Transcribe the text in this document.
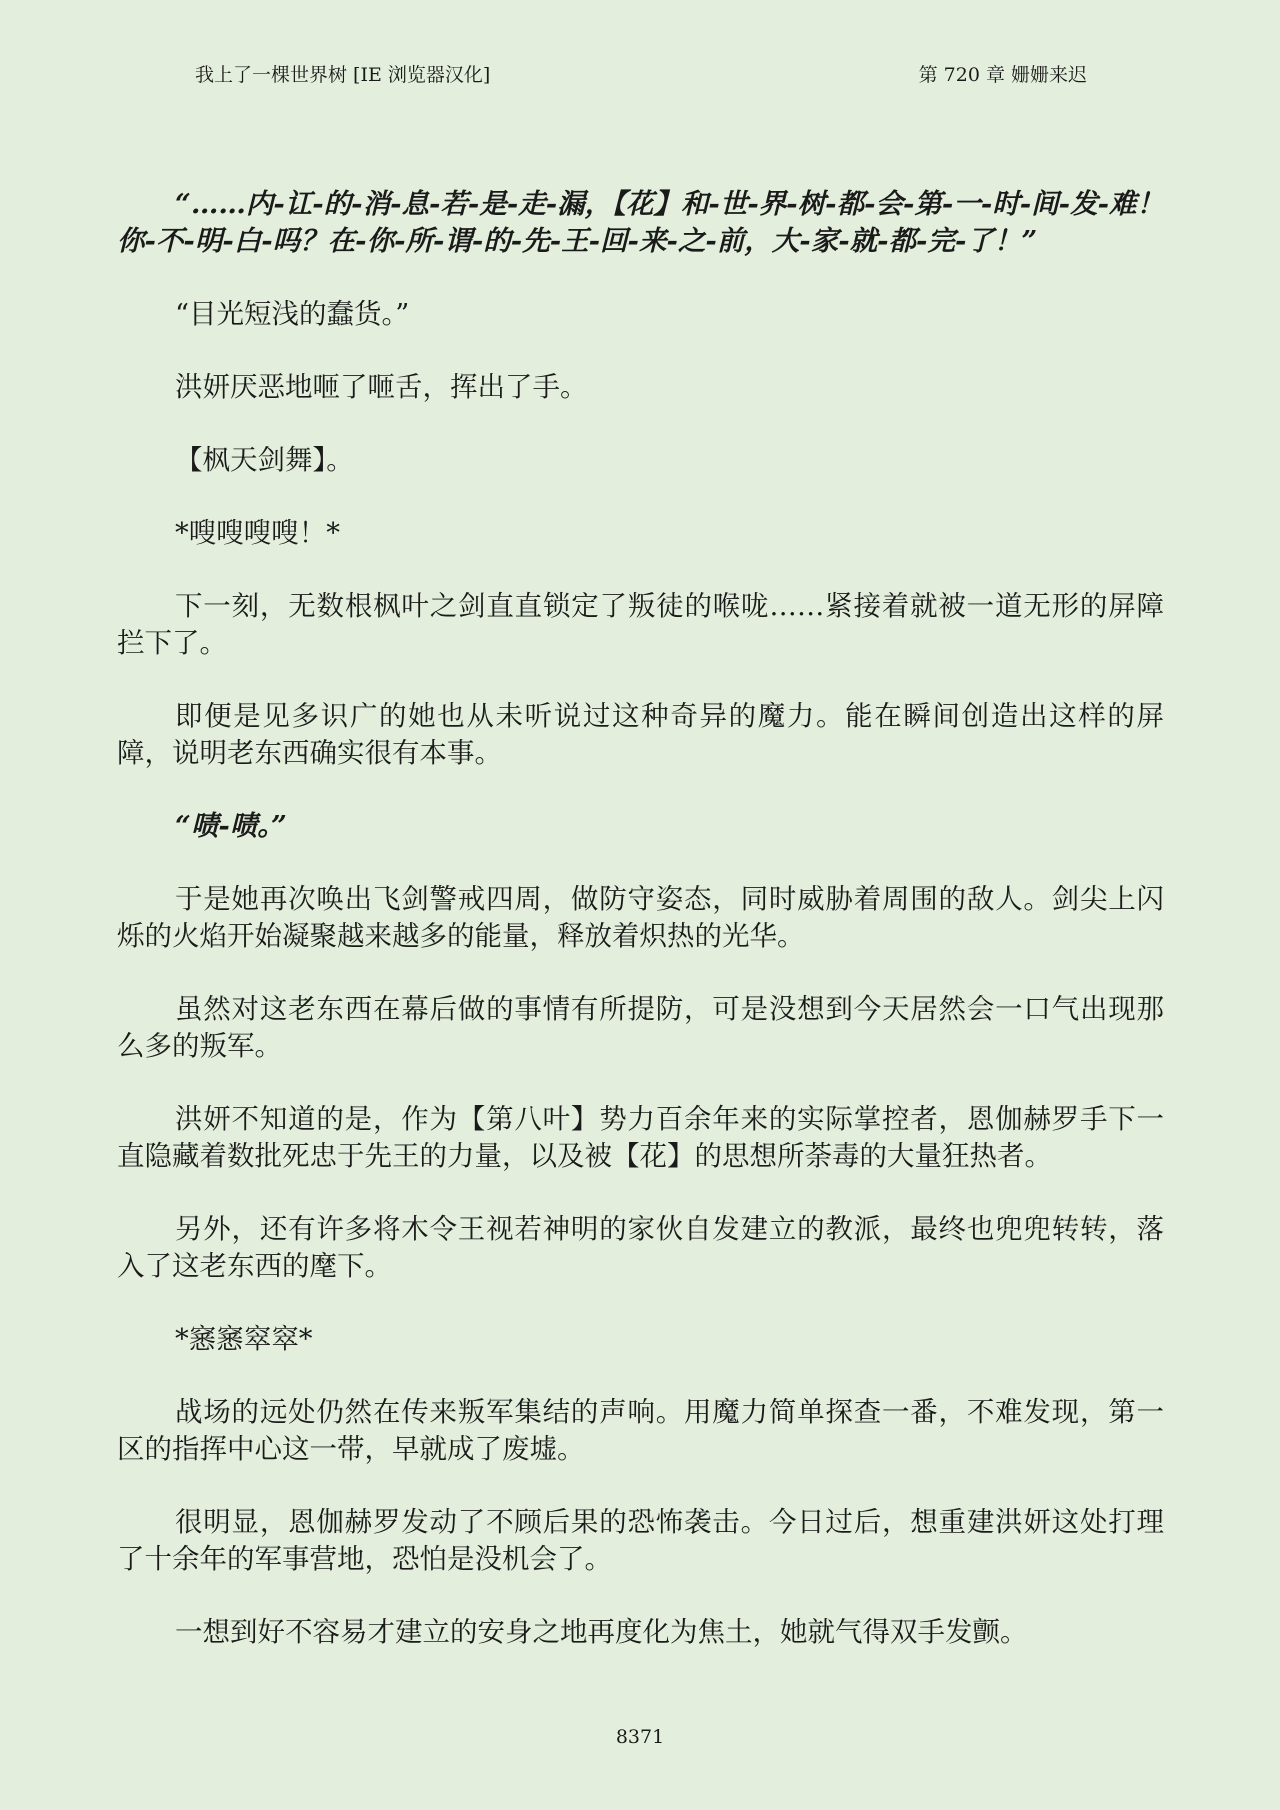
我上了一棵世界树 [IE 浏览器汉化]	第 720 章 姗姗来迟

“……内-讧-的-消-息-若-是-走-漏，【花】和-世-界-树-都-会-第-一-时-间-发-难！你-不-明-白-吗？在-你-所-谓-的-先-王-回-来-之-前，大-家-就-都-完-了！”

“目光短浅的蠢货。”

洪妍厌恶地咂了咂舌，挥出了手。

【枫天剑舞】。

*嗖嗖嗖嗖！*

下一刻，无数根枫叶之剑直直锁定了叛徒的喉咙……紧接着就被一道无形的屏障拦下了。

即便是见多识广的她也从未听说过这种奇异的魔力。能在瞬间创造出这样的屏障，说明老东西确实很有本事。

“啧-啧。”

于是她再次唤出飞剑警戒四周，做防守姿态，同时威胁着周围的敌人。剑尖上闪烁的火焰开始凝聚越来越多的能量，释放着炽热的光华。

虽然对这老东西在幕后做的事情有所提防，可是没想到今天居然会一口气出现那么多的叛军。

洪妍不知道的是，作为【第八叶】势力百余年来的实际掌控者，恩伽赫罗手下一直隐藏着数批死忠于先王的力量，以及被【花】的思想所荼毒的大量狂热者。

另外，还有许多将木令王视若神明的家伙自发建立的教派，最终也兜兜转转，落入了这老东西的麾下。

*窸窸窣窣*

战场的远处仍然在传来叛军集结的声响。用魔力简单探查一番，不难发现，第一区的指挥中心这一带，早就成了废墟。

很明显，恩伽赫罗发动了不顾后果的恐怖袭击。今日过后，想重建洪妍这处打理了十余年的军事营地，恐怕是没机会了。

一想到好不容易才建立的安身之地再度化为焦土，她就气得双手发颤。

8371
